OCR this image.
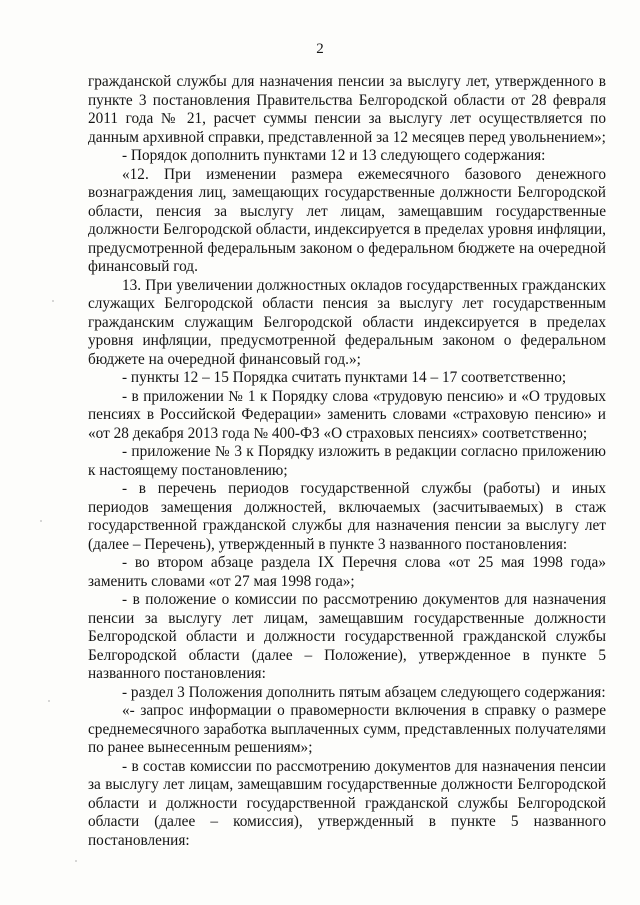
2

гражданской службы для назначения пенсии за выслугу лет, утвержденного в пункте 3 постановления Правительства Белгородской области от 28 февраля 2011 года № 21, расчет суммы пенсии за выслугу лет осуществляется по данным архивной справки, представленной за 12 месяцев перед увольнением»;

- Порядок дополнить пунктами 12 и 13 следующего содержания:

«12. При изменении размера ежемесячного базового денежного вознаграждения лиц, замещающих государственные должности Белгородской области, пенсия за выслугу лет лицам, замещавшим государственные должности Белгородской области, индексируется в пределах уровня инфляции, предусмотренной федеральным законом о федеральном бюджете на очередной финансовый год.

13. При увеличении должностных окладов государственных гражданских служащих Белгородской области пенсия за выслугу лет государственным гражданским служащим Белгородской области индексируется в пределах уровня инфляции, предусмотренной федеральным законом о федеральном бюджете на очередной финансовый год.»;

- пункты 12 – 15 Порядка считать пунктами 14 – 17 соответственно;

- в приложении № 1 к Порядку слова «трудовую пенсию» и «О трудовых пенсиях в Российской Федерации» заменить словами «страховую пенсию» и «от 28 декабря 2013 года № 400-ФЗ «О страховых пенсиях» соответственно;

- приложение № 3 к Порядку изложить в редакции согласно приложению к настоящему постановлению;

- в перечень периодов государственной службы (работы) и иных периодов замещения должностей, включаемых (засчитываемых) в стаж государственной гражданской службы для назначения пенсии за выслугу лет (далее – Перечень), утвержденный в пункте 3 названного постановления:

- во втором абзаце раздела IX Перечня слова «от 25 мая 1998 года» заменить словами «от 27 мая 1998 года»;

- в положение о комиссии по рассмотрению документов для назначения пенсии за выслугу лет лицам, замещавшим государственные должности Белгородской области и должности государственной гражданской службы Белгородской области (далее – Положение), утвержденное в пункте 5 названного постановления:

- раздел 3 Положения дополнить пятым абзацем следующего содержания:

«- запрос информации о правомерности включения в справку о размере среднемесячного заработка выплаченных сумм, представленных получателями по ранее вынесенным решениям»;

- в состав комиссии по рассмотрению документов для назначения пенсии за выслугу лет лицам, замещавшим государственные должности Белгородской области и должности государственной гражданской службы Белгородской области (далее – комиссия), утвержденный в пункте 5 названного постановления:
